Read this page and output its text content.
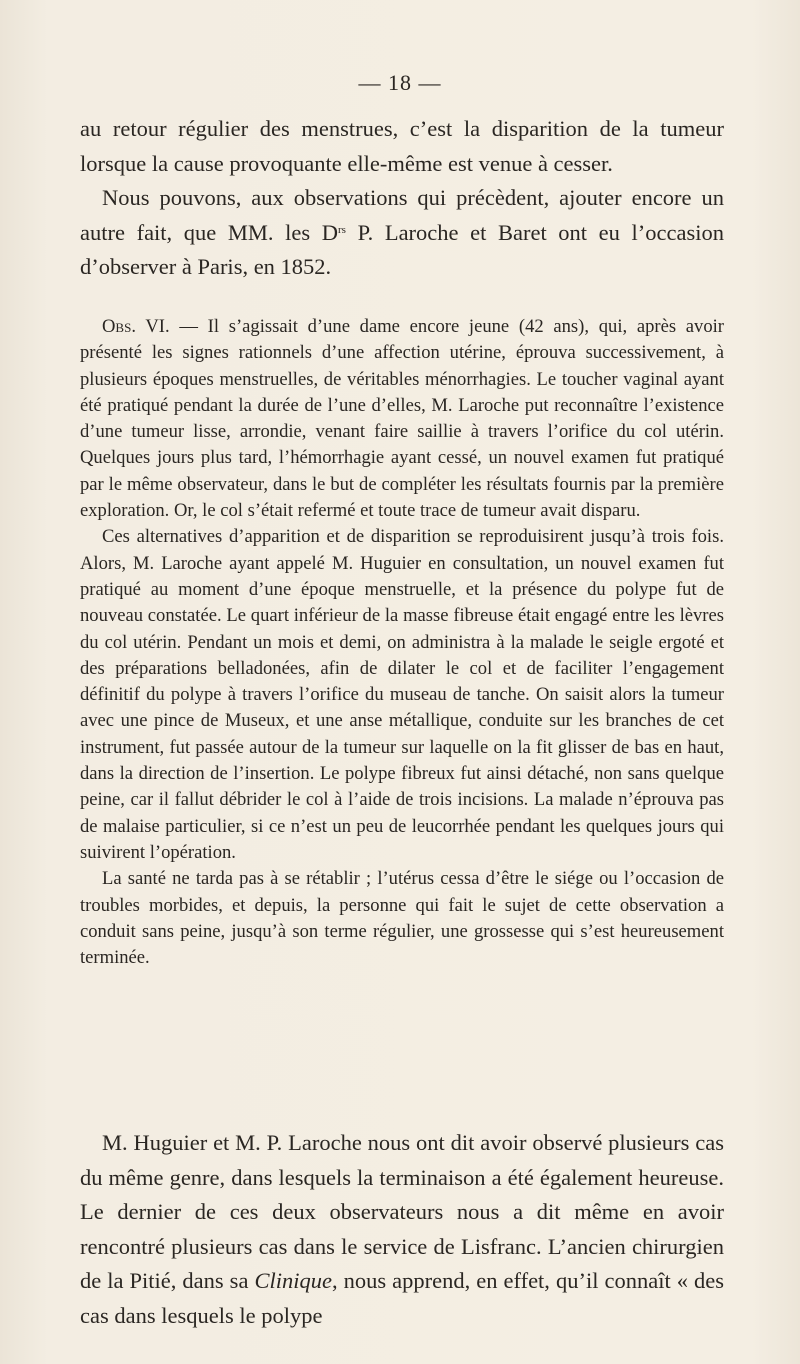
— 18 —

au retour régulier des menstrues, c’est la disparition de la tumeur lorsque la cause provoquante elle-même est venue à cesser.

Nous pouvons, aux observations qui précèdent, ajouter encore un autre fait, que MM. les $D^{rs}$ P. Laroche et Baret ont eu l’occasion d’observer à Paris, en 1852.

Obs. VI. — Il s’agissait d’une dame encore jeune (42 ans), qui, après avoir présenté les signes rationnels d’une affection utérine, éprouva successivement, à plusieurs époques menstruelles, de véritables ménorrhagies. Le toucher vaginal ayant été pratiqué pendant la durée de l’une d’elles, M. Laroche put reconnaître l’existence d’une tumeur lisse, arrondie, venant faire saillie à travers l’orifice du col utérin. Quelques jours plus tard, l’hémorrhagie ayant cessé, un nouvel examen fut pratiqué par le même observateur, dans le but de compléter les résultats fournis par la première exploration. Or, le col s’était refermé et toute trace de tumeur avait disparu.

Ces alternatives d’apparition et de disparition se reproduisirent jusqu’à trois fois. Alors, M. Laroche ayant appelé M. Huguier en consultation, un nouvel examen fut pratiqué au moment d’une époque menstruelle, et la présence du polype fut de nouveau constatée. Le quart inférieur de la masse fibreuse était engagé entre les lèvres du col utérin. Pendant un mois et demi, on administra à la malade le seigle ergoté et des préparations belladonées, afin de dilater le col et de faciliter l’engagement définitif du polype à travers l’orifice du museau de tanche. On saisit alors la tumeur avec une pince de Museux, et une anse métallique, conduite sur les branches de cet instrument, fut passée autour de la tumeur sur laquelle on la fit glisser de bas en haut, dans la direction de l’insertion. Le polype fibreux fut ainsi détaché, non sans quelque peine, car il fallut débrider le col à l’aide de trois incisions. La malade n’éprouva pas de malaise particulier, si ce n’est un peu de leucorrhée pendant les quelques jours qui suivirent l’opération.

La santé ne tarda pas à se rétablir ; l’utérus cessa d’être le siége ou l’occasion de troubles morbides, et depuis, la personne qui fait le sujet de cette observation a conduit sans peine, jusqu’à son terme régulier, une grossesse qui s’est heureusement terminée.

M. Huguier et M. P. Laroche nous ont dit avoir observé plusieurs cas du même genre, dans lesquels la terminaison a été également heureuse. Le dernier de ces deux observateurs nous a dit même en avoir rencontré plusieurs cas dans le service de Lisfranc. L’ancien chirurgien de la Pitié, dans sa Clinique, nous apprend, en effet, qu’il connaît « des cas dans lesquels le polype
